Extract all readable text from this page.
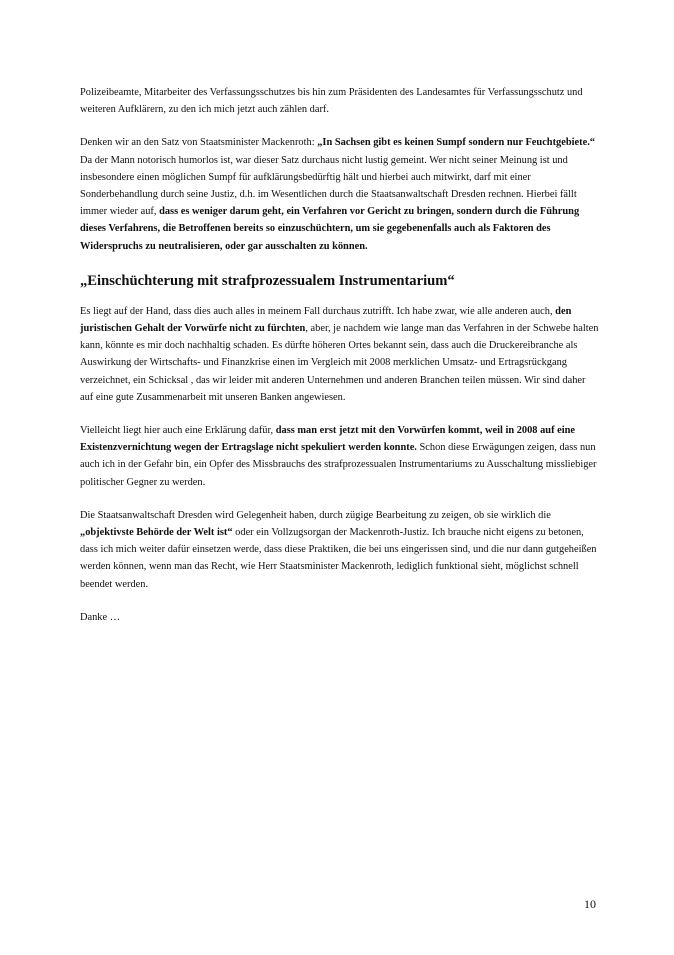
Polizeibeamte, Mitarbeiter des Verfassungsschutzes bis hin zum Präsidenten des Landesamtes für Verfassungsschutz und weiteren Aufklärern, zu den ich mich jetzt auch zählen darf.

Denken wir an den Satz von Staatsminister Mackenroth: „In Sachsen gibt es keinen Sumpf sondern nur Feuchtgebiete.“ Da der Mann notorisch humorlos ist, war dieser Satz durchaus nicht lustig gemeint. Wer nicht seiner Meinung ist und insbesondere einen möglichen Sumpf für aufklärungsbedürftig hält und hierbei auch mitwirkt, darf mit einer Sonderbehandlung durch seine Justiz, d.h. im Wesentlichen durch die Staatsanwaltschaft Dresden rechnen. Hierbei fällt immer wieder auf, dass es weniger darum geht, ein Verfahren vor Gericht zu bringen, sondern durch die Führung dieses Verfahrens, die Betroffenen bereits so einzuschüchtern, um sie gegebenenfalls auch als Faktoren des Widerspruchs zu neutralisieren, oder gar ausschalten zu können.

„Einschüchterung mit strafprozessualem Instrumentarium“

Es liegt auf der Hand, dass dies auch alles in meinem Fall durchaus zutrifft. Ich habe zwar, wie alle anderen auch, den juristischen Gehalt der Vorwürfe nicht zu fürchten, aber, je nachdem wie lange man das Verfahren in der Schwebe halten kann, könnte es mir doch nachhaltig schaden. Es dürfte höheren Ortes bekannt sein, dass auch die Druckereibranche als Auswirkung der Wirtschafts- und Finanzkrise einen im Vergleich mit 2008 merklichen Umsatz- und Ertragsrückgang verzeichnet, ein Schicksal , das wir leider mit anderen Unternehmen und anderen Branchen teilen müssen. Wir sind daher auf eine gute Zusammenarbeit mit unseren Banken angewiesen.

Vielleicht liegt hier auch eine Erklärung dafür, dass man erst jetzt mit den Vorwürfen kommt, weil in 2008 auf eine Existenzvernichtung wegen der Ertragslage nicht spekuliert werden konnte. Schon diese Erwägungen zeigen, dass nun auch ich in der Gefahr bin, ein Opfer des Missbrauchs des strafprozessualen Instrumentariums zu Ausschaltung missliebiger politischer Gegner zu werden.

Die Staatsanwaltschaft Dresden wird Gelegenheit haben, durch zügige Bearbeitung zu zeigen, ob sie wirklich die „objektivste Behörde der Welt ist“ oder ein Vollzugsorgan der Mackenroth-Justiz. Ich brauche nicht eigens zu betonen, dass ich mich weiter dafür einsetzen werde, dass diese Praktiken, die bei uns eingerissen sind, und die nur dann gutgeheißen werden können, wenn man das Recht, wie Herr Staatsminister Mackenroth, lediglich funktional sieht, möglichst schnell beendet werden.

Danke …

10
